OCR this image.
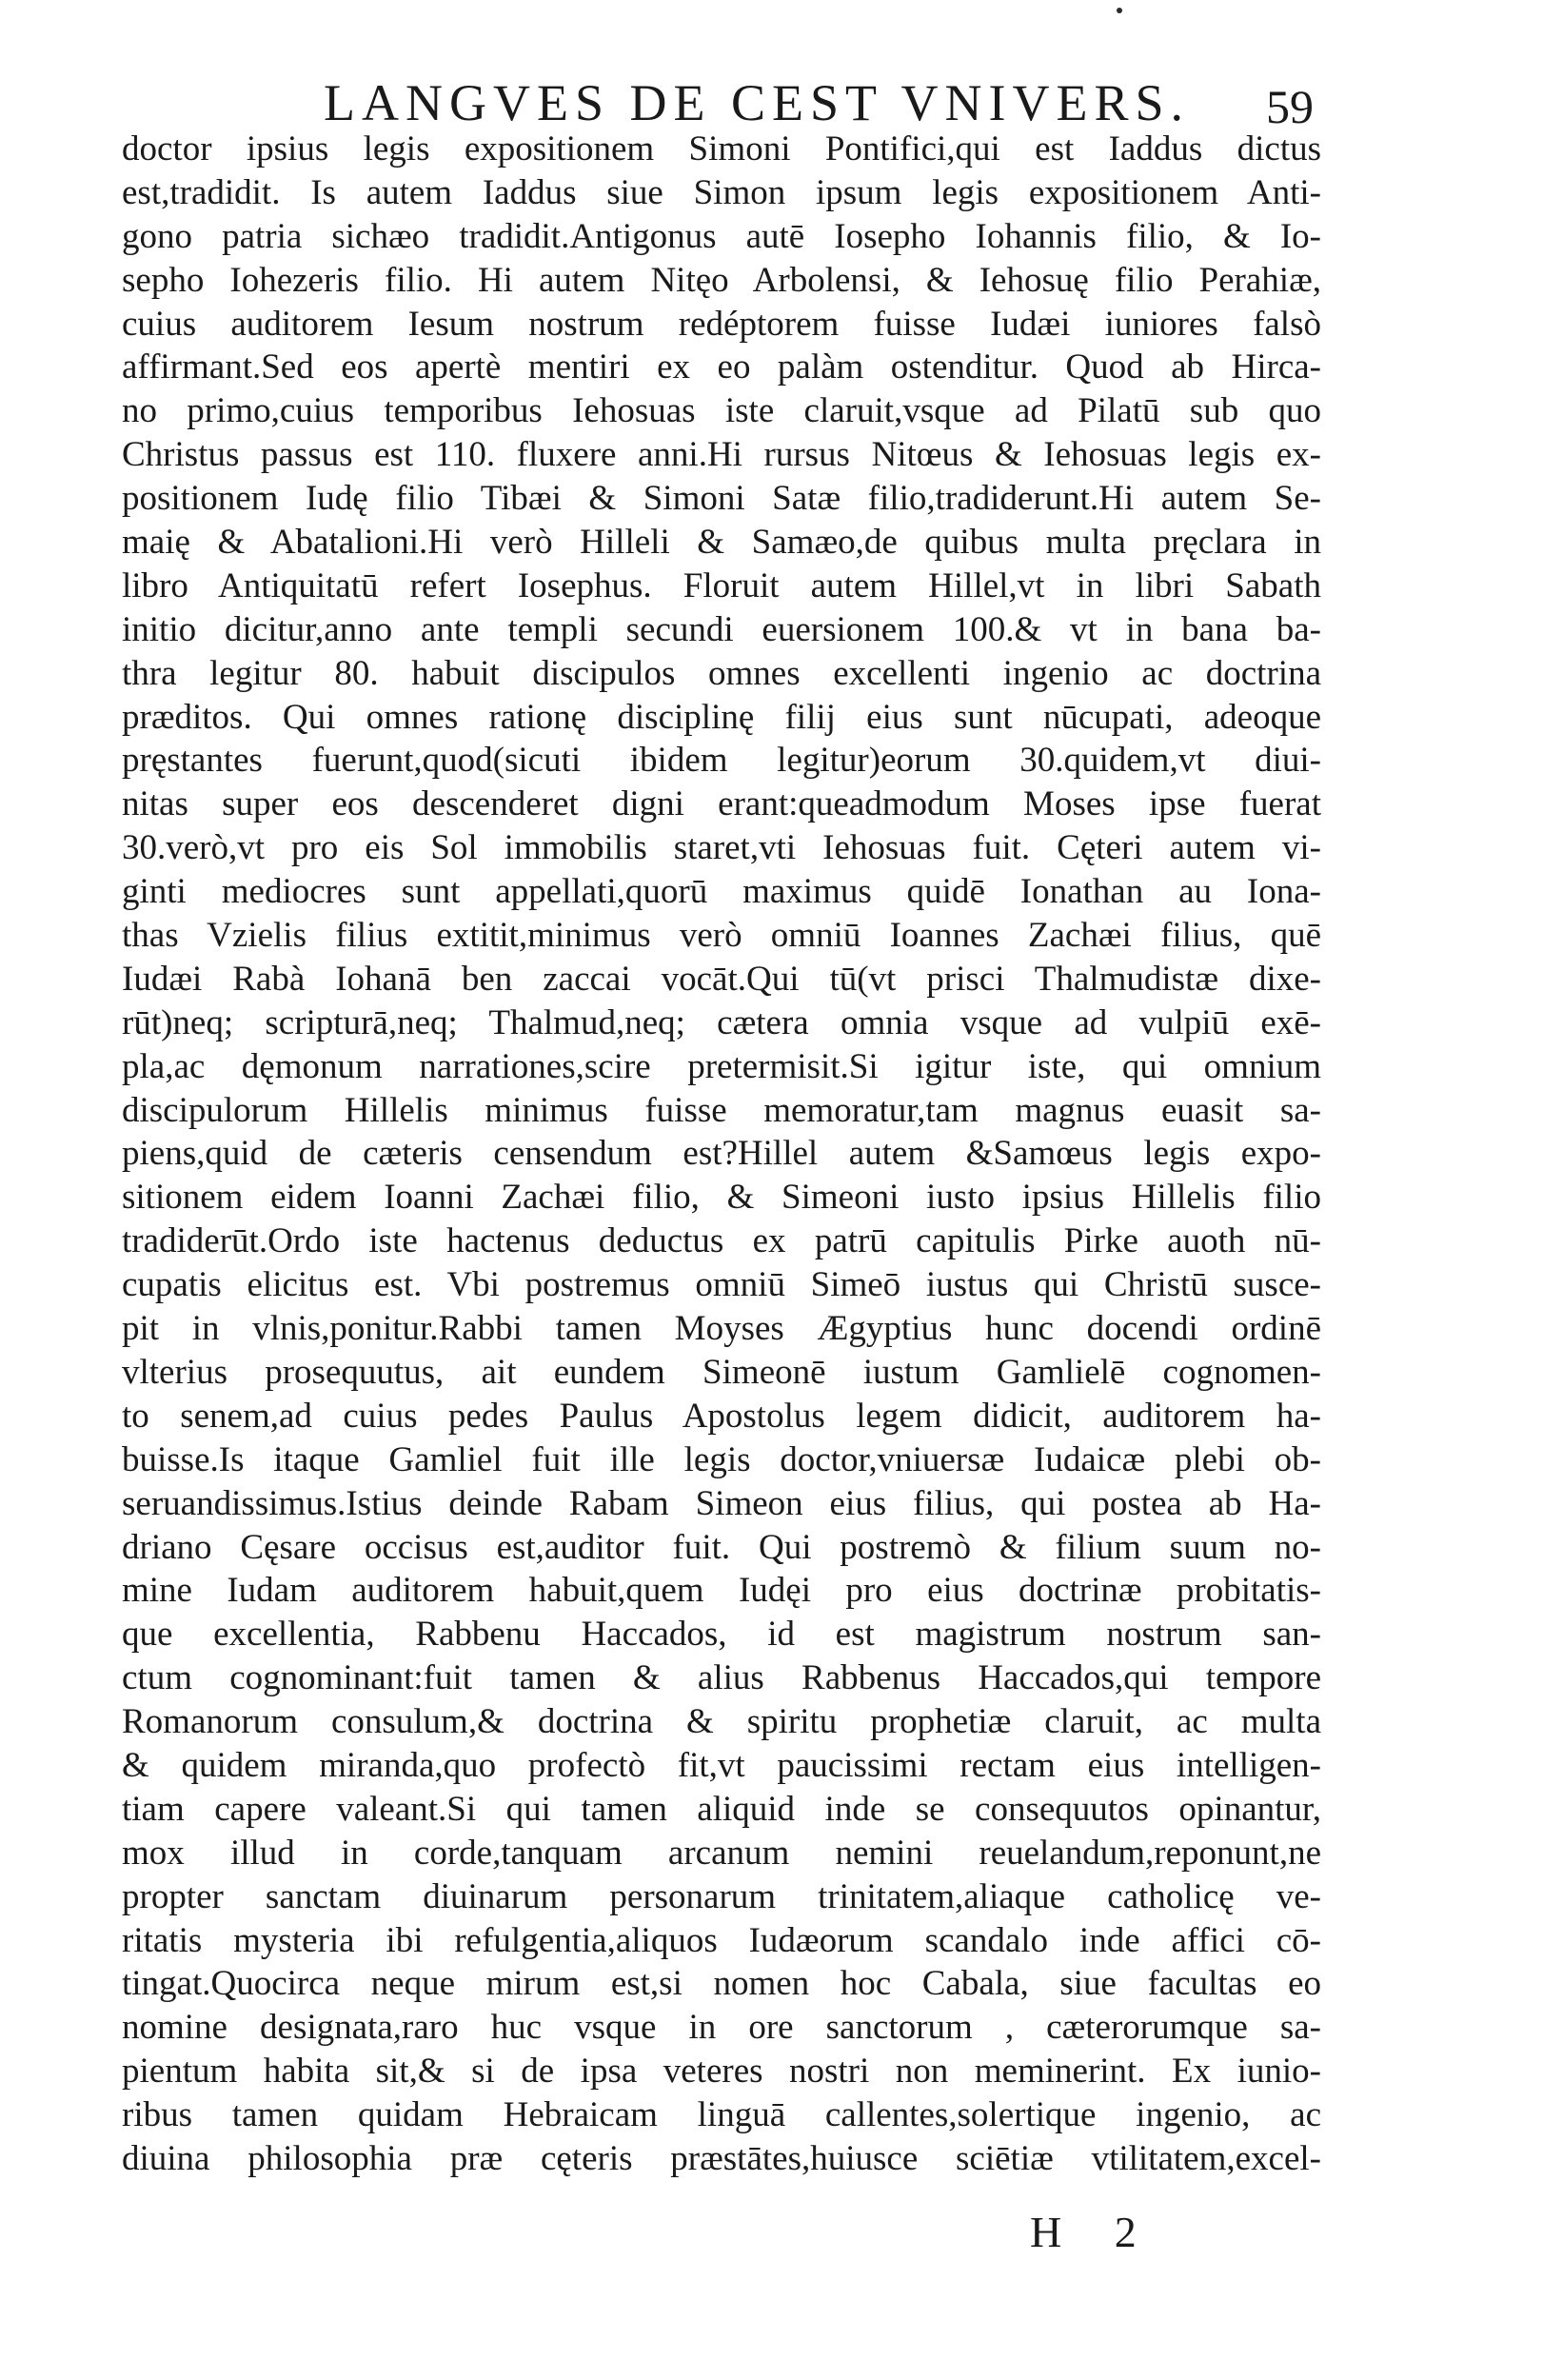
LANGVES DE CEST VNIVERS. 59
doctor ipsius legis expositionem Simoni Pontifici,qui est Iaddus dictus
est,tradidit. Is autem Iaddus siue Simon ipsum legis expositionem Anti-
gono patria sichæo tradidit.Antigonus autē Iosepho Iohannis filio, & Io-
sepho Iohezeris filio. Hi autem Nitęo Arbolensi, & Iehosuę filio Perahiæ,
cuius auditorem Iesum nostrum redéptorem fuisse Iudæi iuniores falsò
affirmant.Sed eos apertè mentiri ex eo palàm ostenditur. Quod ab Hirca-
no primo,cuius temporibus Iehosuas iste claruit,vsque ad Pilatū sub quo
Christus passus est 110. fluxere anni.Hi rursus Nitœus & Iehosuas legis ex-
positionem Iudę filio Tibæi & Simoni Satæ filio,tradiderunt.Hi autem Se-
maię & Abatalioni.Hi verò Hilleli & Samæo,de quibus multa pręclara in
libro Antiquitatū refert Iosephus. Floruit autem Hillel,vt in libri Sabath
initio dicitur,anno ante templi secundi euersionem 100.& vt in bana ba-
thra legitur 80. habuit discipulos omnes excellenti ingenio ac doctrina
præditos. Qui omnes rationę disciplinę filij eius sunt nūcupati, adeoque
pręstantes fuerunt,quod(sicuti ibidem legitur)eorum 30.quidem,vt diui-
nitas super eos descenderet digni erant:queadmodum Moses ipse fuerat
30.verò,vt pro eis Sol immobilis staret,vti Iehosuas fuit. Cęteri autem vi-
ginti mediocres sunt appellati,quorū maximus quidē Ionathan au Iona-
thas Vzielis filius extitit,minimus verò omniū Ioannes Zachæi filius, quē
Iudæi Rabà Iohanā ben zaccai vocāt.Qui tū(vt prisci Thalmudistæ dixe-
rūt)neq; scripturā,neq; Thalmud,neq; cætera omnia vsque ad vulpiū exē-
pla,ac dęmonum narrationes,scire pretermisit.Si igitur iste, qui omnium
discipulorum Hillelis minimus fuisse memoratur,tam magnus euasit sa-
piens,quid de cæteris censendum est?Hillel autem &Samœus legis expo-
sitionem eidem Ioanni Zachæi filio, & Simeoni iusto ipsius Hillelis filio
tradiderūt.Ordo iste hactenus deductus ex patrū capitulis Pirke auoth nū-
cupatis elicitus est. Vbi postremus omniū Simeō iustus qui Christū susce-
pit in vlnis,ponitur.Rabbi tamen Moyses Ægyptius hunc docendi ordinē
vlterius prosequutus, ait eundem Simeonē iustum Gamlielē cognomen-
to senem,ad cuius pedes Paulus Apostolus legem didicit, auditorem ha-
buisse.Is itaque Gamliel fuit ille legis doctor,vniuersæ Iudaicæ plebi ob-
seruandissimus.Istius deinde Rabam Simeon eius filius, qui postea ab Ha-
driano Cęsare occisus est,auditor fuit. Qui postremò & filium suum no-
mine Iudam auditorem habuit,quem Iudęi pro eius doctrinæ probitatis-
que excellentia, Rabbenu Haccados, id est magistrum nostrum san-
ctum cognominant:fuit tamen & alius Rabbenus Haccados,qui tempore
Romanorum consulum,& doctrina & spiritu prophetiæ claruit, ac multa
& quidem miranda,quo profectò fit,vt paucissimi rectam eius intelligen-
tiam capere valeant.Si qui tamen aliquid inde se consequutos opinantur,
mox illud in corde,tanquam arcanum nemini reuelandum,reponunt,ne
propter sanctam diuinarum personarum trinitatem,aliaque catholicę ve-
ritatis mysteria ibi refulgentia,aliquos Iudæorum scandalo inde affici cō-
tingat.Quocirca neque mirum est,si nomen hoc Cabala, siue facultas eo
nomine designata,raro huc vsque in ore sanctorum , cæterorumque sa-
pientum habita sit,& si de ipsa veteres nostri non meminerint. Ex iunio-
ribus tamen quidam Hebraicam linguā callentes,solertique ingenio, ac
diuina philosophia præ cęteris præstātes,huiusce sciētiæ vtilitatem,excel-
H 2
